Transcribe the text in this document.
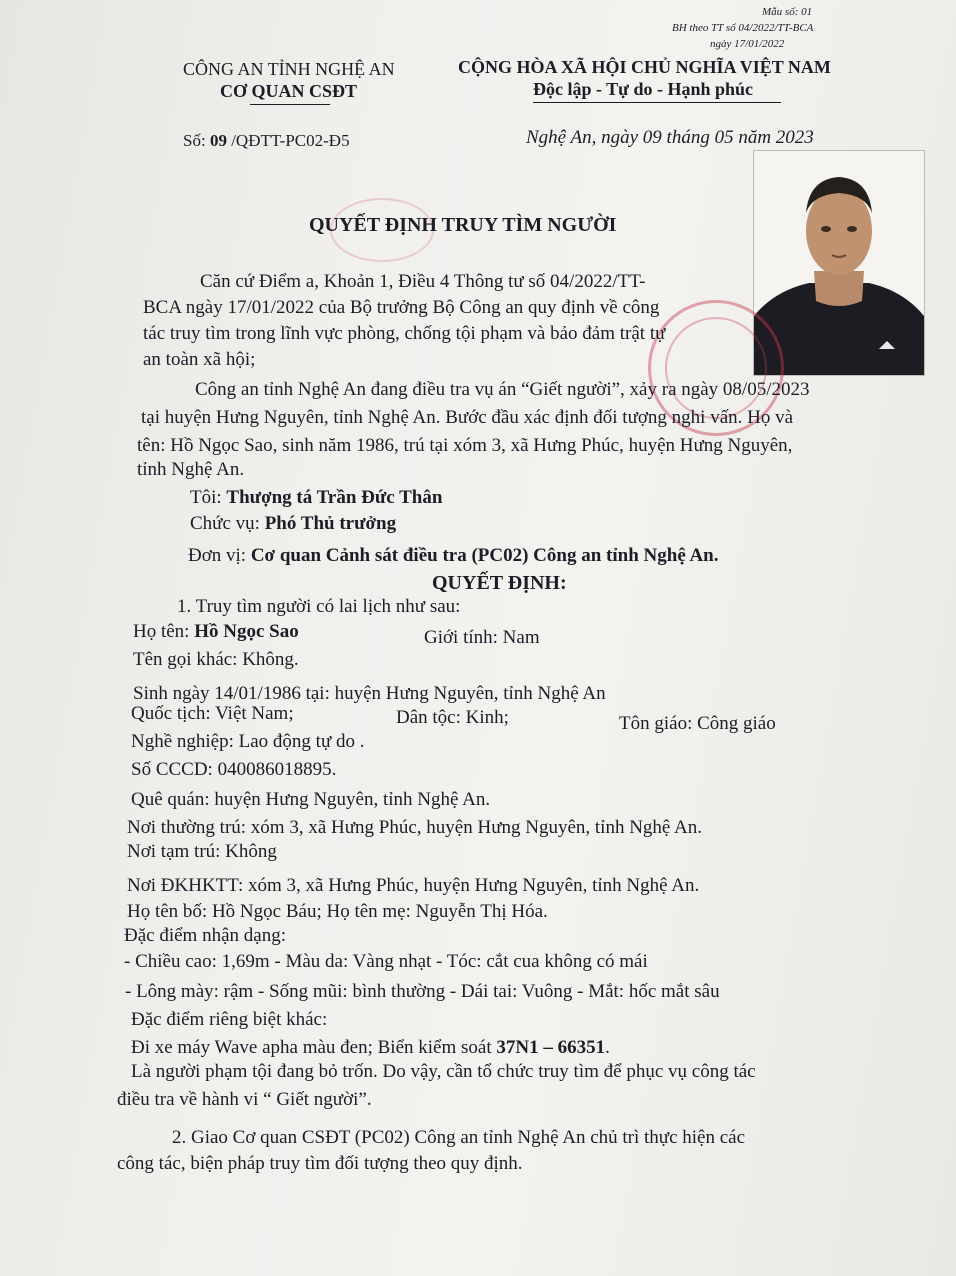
Mẫu số: 01
BH theo TT số 04/2022/TT-BCA
ngày 17/01/2022
CÔNG AN TỈNH NGHỆ AN
CƠ QUAN CSĐT
CỘNG HÒA XÃ HỘI CHỦ NGHĨA VIỆT NAM
Độc lập - Tự do - Hạnh phúc
Số: 09 /QĐTT-PC02-Đ5	Nghệ An, ngày 09 tháng 05 năm 2023
QUYẾT ĐỊNH TRUY TÌM NGƯỜI
Căn cứ Điểm a, Khoản 1, Điều 4 Thông tư số 04/2022/TT-
BCA ngày 17/01/2022 của Bộ trưởng Bộ Công an quy định về công
tác truy tìm trong lĩnh vực phòng, chống tội phạm và bảo đảm trật tự
an toàn xã hội;
Công an tỉnh Nghệ An đang điều tra vụ án “Giết người”, xảy ra ngày 08/05/2023
tại huyện Hưng Nguyên, tỉnh Nghệ An. Bước đầu xác định đối tượng nghi vấn. Họ và
tên: Hồ Ngọc Sao, sinh năm 1986, trú tại xóm 3, xã Hưng Phúc, huyện Hưng Nguyên,
tỉnh Nghệ An.
Tôi: Thượng tá Trần Đức Thân
Chức vụ: Phó Thủ trưởng
Đơn vị: Cơ quan Cảnh sát điều tra (PC02) Công an tỉnh Nghệ An.
QUYẾT ĐỊNH:
1. Truy tìm người có lai lịch như sau:
Họ tên: Hồ Ngọc Sao	Giới tính: Nam
Tên gọi khác: Không.
Sinh ngày 14/01/1986 tại: huyện Hưng Nguyên, tỉnh Nghệ An
Quốc tịch: Việt Nam;	Dân tộc: Kinh;	Tôn giáo: Công giáo
Nghề nghiệp: Lao động tự do .
Số CCCD: 040086018895.
Quê quán: huyện Hưng Nguyên, tỉnh Nghệ An.
Nơi thường trú: xóm 3, xã Hưng Phúc, huyện Hưng Nguyên, tỉnh Nghệ An.
Nơi tạm trú: Không
Nơi ĐKHKTT: xóm 3, xã Hưng Phúc, huyện Hưng Nguyên, tỉnh Nghệ An.
Họ tên bố: Hồ Ngọc Báu; Họ tên mẹ: Nguyễn Thị Hóa.
Đặc điểm nhận dạng:
- Chiều cao: 1,69m - Màu da: Vàng nhạt - Tóc: cắt cua không có mái
- Lông mày: rậm - Sống mũi: bình thường - Dái tai: Vuông - Mắt: hốc mắt sâu
Đặc điểm riêng biệt khác:
Đi xe máy Wave apha màu đen; Biển kiểm soát 37N1 – 66351.
Là người phạm tội đang bỏ trốn. Do vậy, cần tổ chức truy tìm để phục vụ công tác
điều tra về hành vi “ Giết người”.
2. Giao Cơ quan CSĐT (PC02) Công an tỉnh Nghệ An chủ trì thực hiện các
công tác, biện pháp truy tìm đối tượng theo quy định.
